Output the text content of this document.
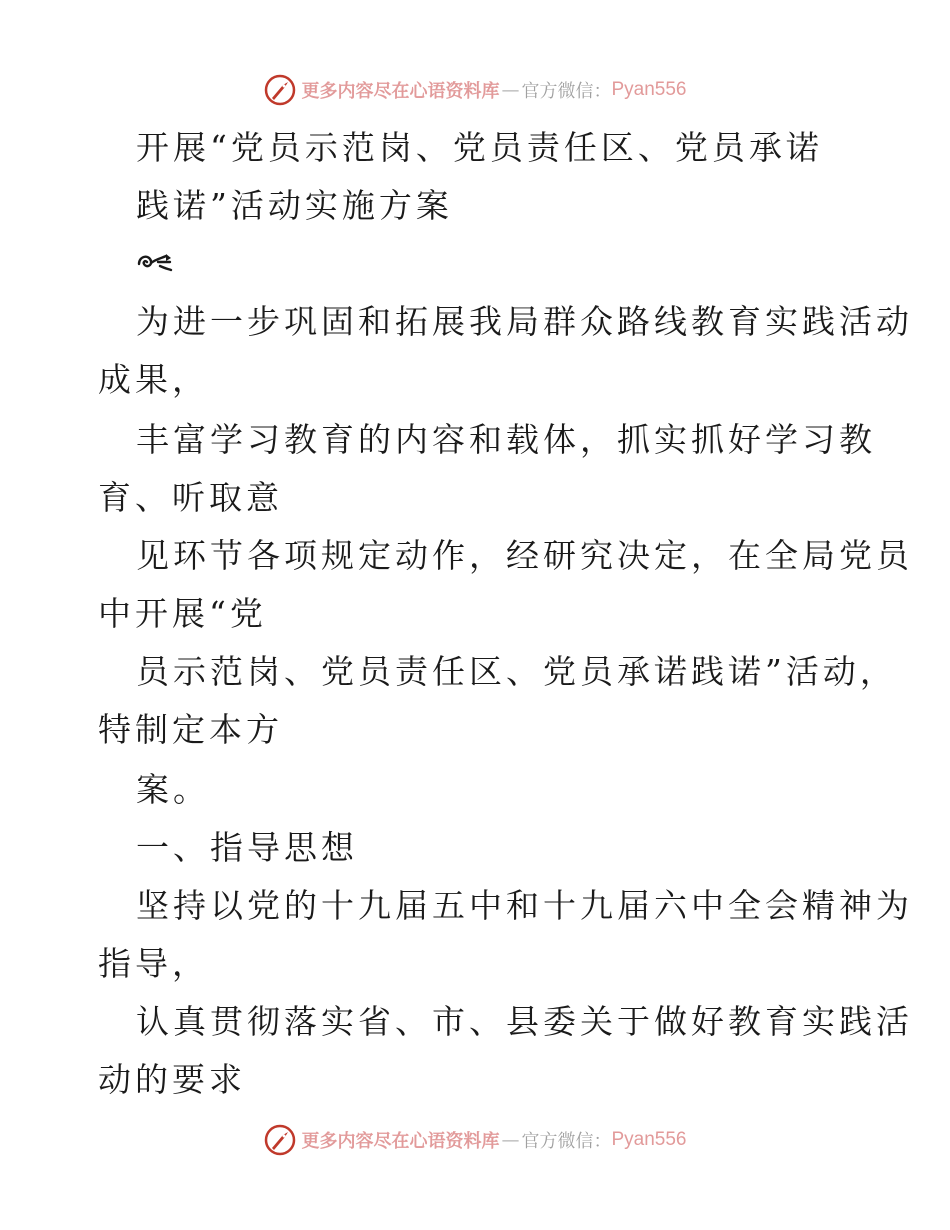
更多内容尽在心语资料库 — 官方微信： Pyan556
开展“党员示范岗、党员责任区、党员承诺
践诺”活动实施方案
为进一步巩固和拓展我局群众路线教育实践活动
成果，
丰富学习教育的内容和载体，抓实抓好学习教
育、听取意
见环节各项规定动作，经研究决定，在全局党员
中开展“党
员示范岗、党员责任区、党员承诺践诺”活动，
特制定本方
案。
一、指导思想
坚持以党的十九届五中和十九届六中全会精神为
指导，
认真贯彻落实省、市、县委关于做好教育实践活
动的要求
更多内容尽在心语资料库 — 官方微信： Pyan556
